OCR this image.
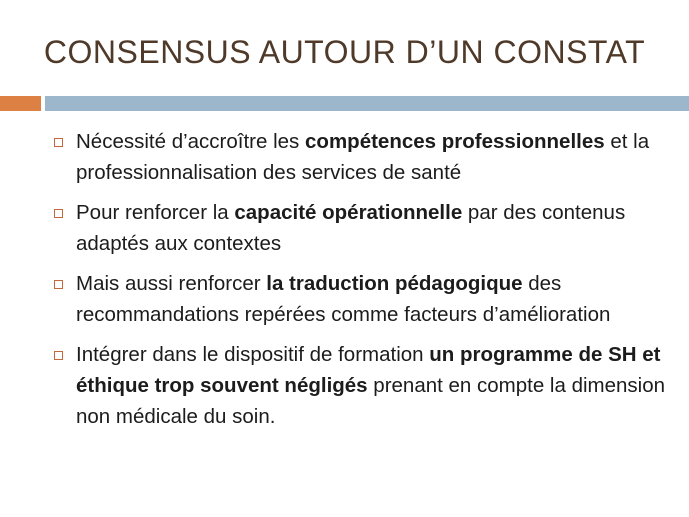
CONSENSUS AUTOUR D’UN CONSTAT
Nécessité d’accroître les compétences professionnelles et la professionnalisation des services de santé
Pour renforcer la capacité opérationnelle par des contenus adaptés aux contextes
Mais aussi renforcer la traduction pédagogique des recommandations repérées comme facteurs d’amélioration
Intégrer dans le dispositif de formation un programme de SH et éthique trop souvent négligés prenant en compte la dimension non médicale du soin.
